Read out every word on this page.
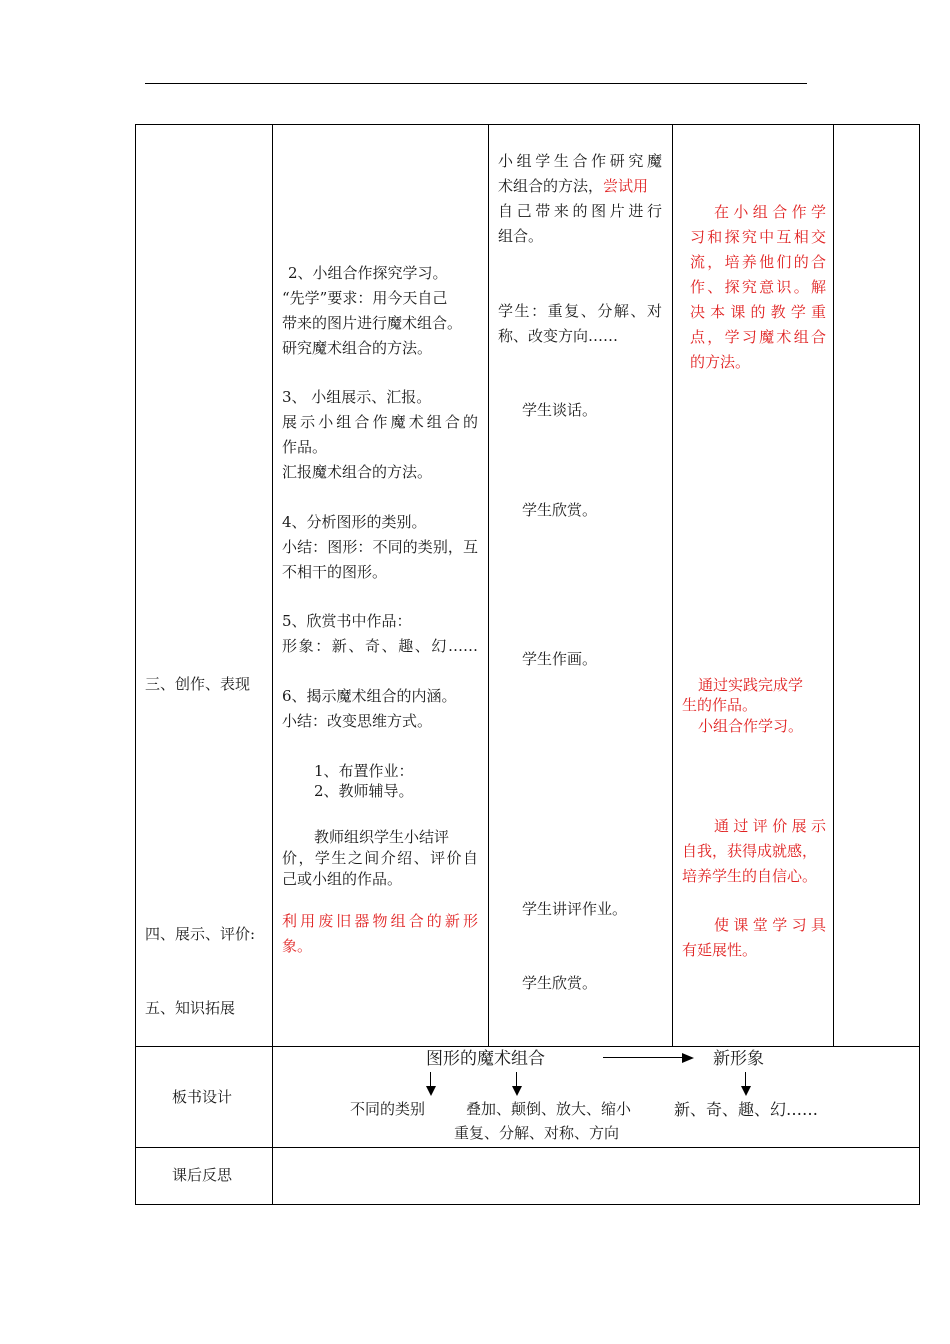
三、创作、表现
四、展示、评价:
五、知识拓展
2、小组合作探究学习。
“先学”要求：用今天自己
带来的图片进行魔术组合。
研究魔术组合的方法。
3、 小组展示、汇报。
展示小组合作魔术组合的
作品。
汇报魔术组合的方法。
4、分析图形的类别。
小结：图形：不同的类别，互
不相干的图形。
5、欣赏书中作品：
形象：新、奇、趣、幻……
6、揭示魔术组合的内涵。
小结：改变思维方式。
1、布置作业：
2、教师辅导。
教师组织学生小结评
价，学生之间介绍、评价自
己或小组的作品。
利用废旧器物组合的新形
象。
小组学生合作研究魔
术组合的方法，尝试用
自己带来的图片进行
组合。
学生：重复、分解、对
称、改变方向……
学生谈话。
学生欣赏。
学生作画。
学生讲评作业。
学生欣赏。
在小组合作学
习和探究中互相交
流，培养他们的合
作、探究意识。解
决本课的教学重
点，学习魔术组合
的方法。
通过实践完成学
生的作品。
小组合作学习。
通过评价展示
自我，获得成就感，
培养学生的自信心。
使课堂学习具
有延展性。
板书设计
图形的魔术组合	新形象
不同的类别	叠加、颠倒、放大、缩小
重复、分解、对称、方向
新、奇、趣、幻……
课后反思
